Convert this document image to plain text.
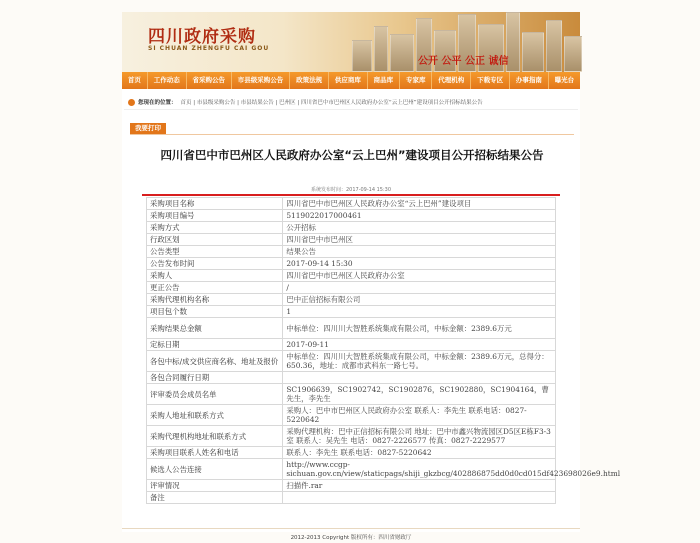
四川政府采购
SI CHUAN ZHENGFU CAI GOU
公开 公平 公正 诚信
首页	工作动态	省采购公告	市县级采购公告	政策法规	供应商库	商品库	专家库	代理机构	下载专区	办事指南	曝光台
您现在的位置： 首页 | 市县级采购公告 | 市县结果公告 | 巴州区 | 四川省巴中市巴州区人民政府办公室“云上巴州”建设项目公开招标结果公告
我要打印
四川省巴中市巴州区人民政府办公室“云上巴州”建设项目公开招标结果公告
系统发布时间：2017-09-14 15:30
采购项目名称	四川省巴中市巴州区人民政府办公室“云上巴州”建设项目
采购项目编号	5119022017000461
采购方式	公开招标
行政区划	四川省巴中市巴州区
公告类型	结果公告
公告发布时间	2017-09-14 15:30
采购人	四川省巴中市巴州区人民政府办公室
更正公告	/
采购代理机构名称	巴中正信招标有限公司
项目包个数	1
采购结果总金额	中标单位：四川川大智胜系统集成有限公司，中标金额：2389.6万元
定标日期	2017-09-11
各包中标/成交供应商名称、地址及报价	中标单位：四川川大智胜系统集成有限公司，中标金额：2389.6万元，总得分：650.36，地址：成都市武科东一路七号。
各包合同履行日期	
评审委员会成员名单	SC1906639，SC1902742，SC1902876，SC1902880，SC1904164，曹先生，李先生
采购人地址和联系方式	采购人：巴中市巴州区人民政府办公室 联系人：李先生 联系电话：0827-5220642
采购代理机构地址和联系方式	采购代理机构：巴中正信招标有限公司 地址：巴中市鑫兴物流园区D5区E栋F3-3室 联系人：吴先生 电话：0827-2226577 传真：0827-2229577
采购项目联系人姓名和电话	联系人：李先生 联系电话：0827-5220642
候选人公告连接	http://www.ccgp-sichuan.gov.cn/view/staticpags/shiji_gkzbcg/402886875dd0d0cd015df423698026e9.html
评审情况	扫描件.rar
备注	
2012-2013 Copyright 版权所有：四川省财政厅
